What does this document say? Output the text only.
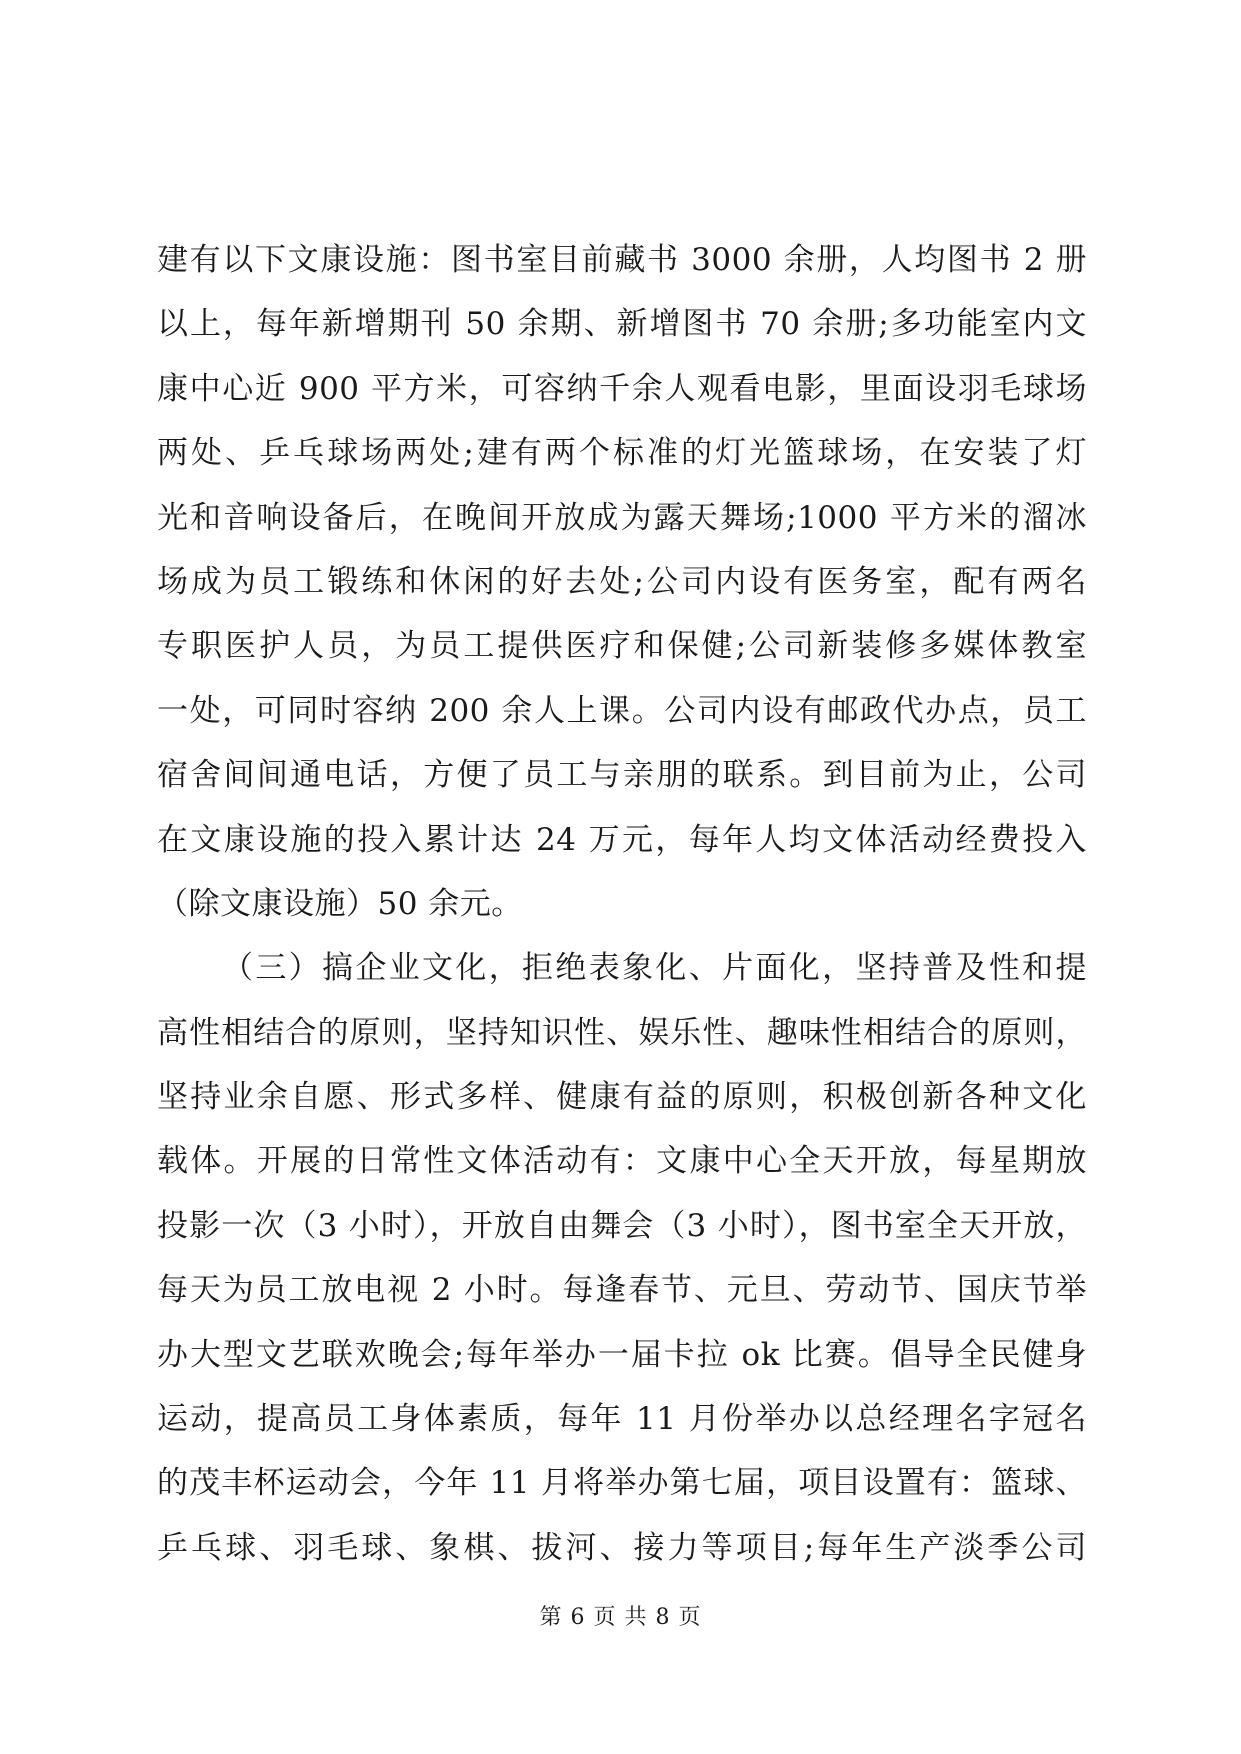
建有以下文康设施：图书室目前藏书 3000 余册，人均图书 2 册
以上，每年新增期刊 50 余期、新增图书 70 余册;多功能室内文
康中心近 900 平方米，可容纳千余人观看电影，里面设羽毛球场
两处、乒乓球场两处;建有两个标准的灯光篮球场，在安装了灯
光和音响设备后，在晚间开放成为露天舞场;1000 平方米的溜冰
场成为员工锻练和休闲的好去处;公司内设有医务室，配有两名
专职医护人员，为员工提供医疗和保健;公司新装修多媒体教室
一处，可同时容纳 200 余人上课。公司内设有邮政代办点，员工
宿舍间间通电话，方便了员工与亲朋的联系。到目前为止，公司
在文康设施的投入累计达 24 万元，每年人均文体活动经费投入
（除文康设施）50 余元。
（三）搞企业文化，拒绝表象化、片面化，坚持普及性和提
高性相结合的原则，坚持知识性、娱乐性、趣味性相结合的原则，
坚持业余自愿、形式多样、健康有益的原则，积极创新各种文化
载体。开展的日常性文体活动有：文康中心全天开放，每星期放
投影一次（3 小时），开放自由舞会（3 小时），图书室全天开放，
每天为员工放电视 2 小时。每逢春节、元旦、劳动节、国庆节举
办大型文艺联欢晚会;每年举办一届卡拉 ok 比赛。倡导全民健身
运动，提高员工身体素质，每年 11 月份举办以总经理名字冠名
的茂丰杯运动会，今年 11 月将举办第七届，项目设置有：篮球、
乒乓球、羽毛球、象棋、拔河、接力等项目;每年生产淡季公司
第 6 页 共 8 页
